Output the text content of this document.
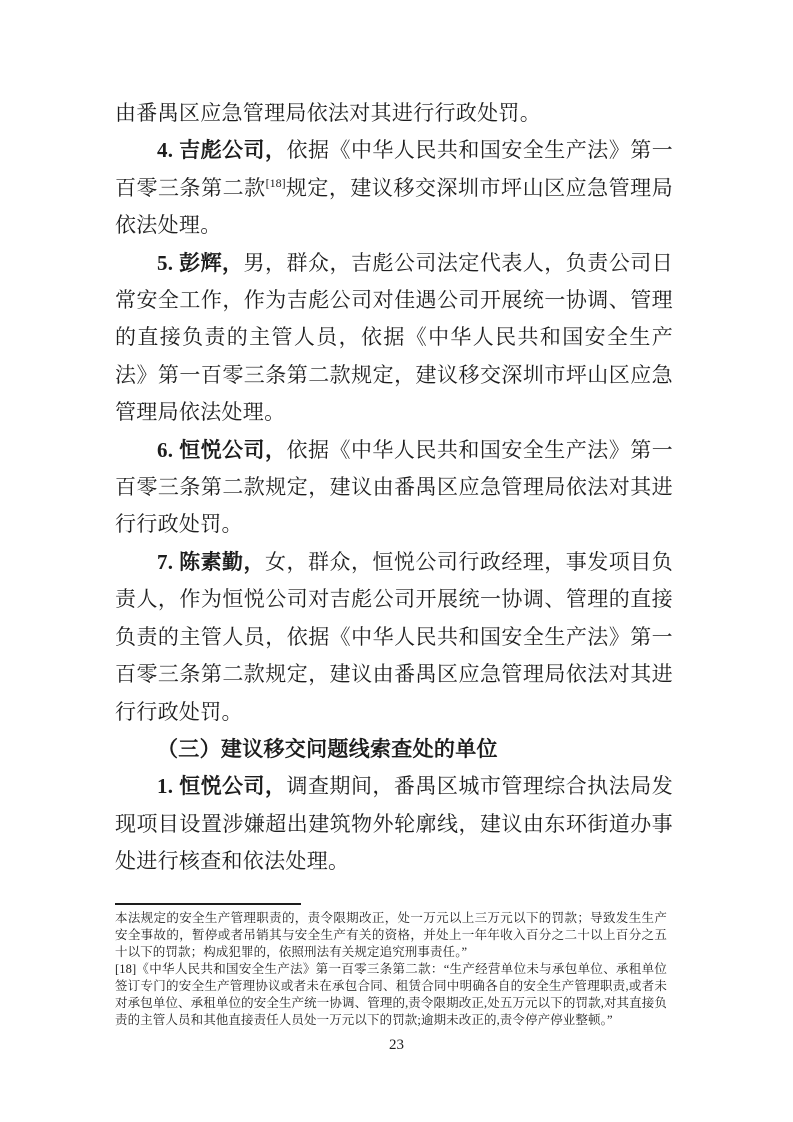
由番禺区应急管理局依法对其进行行政处罚。

4. 吉彪公司，依据《中华人民共和国安全生产法》第一百零三条第二款[18]规定，建议移交深圳市坪山区应急管理局依法处理。

5. 彭辉，男，群众，吉彪公司法定代表人，负责公司日常安全工作，作为吉彪公司对佳遇公司开展统一协调、管理的直接负责的主管人员，依据《中华人民共和国安全生产法》第一百零三条第二款规定，建议移交深圳市坪山区应急管理局依法处理。

6. 恒悦公司，依据《中华人民共和国安全生产法》第一百零三条第二款规定，建议由番禺区应急管理局依法对其进行行政处罚。

7. 陈素勤，女，群众，恒悦公司行政经理，事发项目负责人，作为恒悦公司对吉彪公司开展统一协调、管理的直接负责的主管人员，依据《中华人民共和国安全生产法》第一百零三条第二款规定，建议由番禺区应急管理局依法对其进行行政处罚。

（三）建议移交问题线索查处的单位

1. 恒悦公司，调查期间，番禺区城市管理综合执法局发现项目设置涉嫌超出建筑物外轮廓线，建议由东环街道办事处进行核查和依法处理。

本法规定的安全生产管理职责的，责令限期改正，处一万元以上三万元以下的罚款；导致发生生产安全事故的，暂停或者吊销其与安全生产有关的资格，并处上一年年收入百分之二十以上百分之五十以下的罚款；构成犯罪的，依照刑法有关规定追究刑事责任。”

[18]《中华人民共和国安全生产法》第一百零三条第二款：“生产经营单位未与承包单位、承租单位签订专门的安全生产管理协议或者未在承包合同、租赁合同中明确各自的安全生产管理职责,或者未对承包单位、承租单位的安全生产统一协调、管理的,责令限期改正,处五万元以下的罚款,对其直接负责的主管人员和其他直接责任人员处一万元以下的罚款;逾期未改正的,责令停产停业整顿。”

23
